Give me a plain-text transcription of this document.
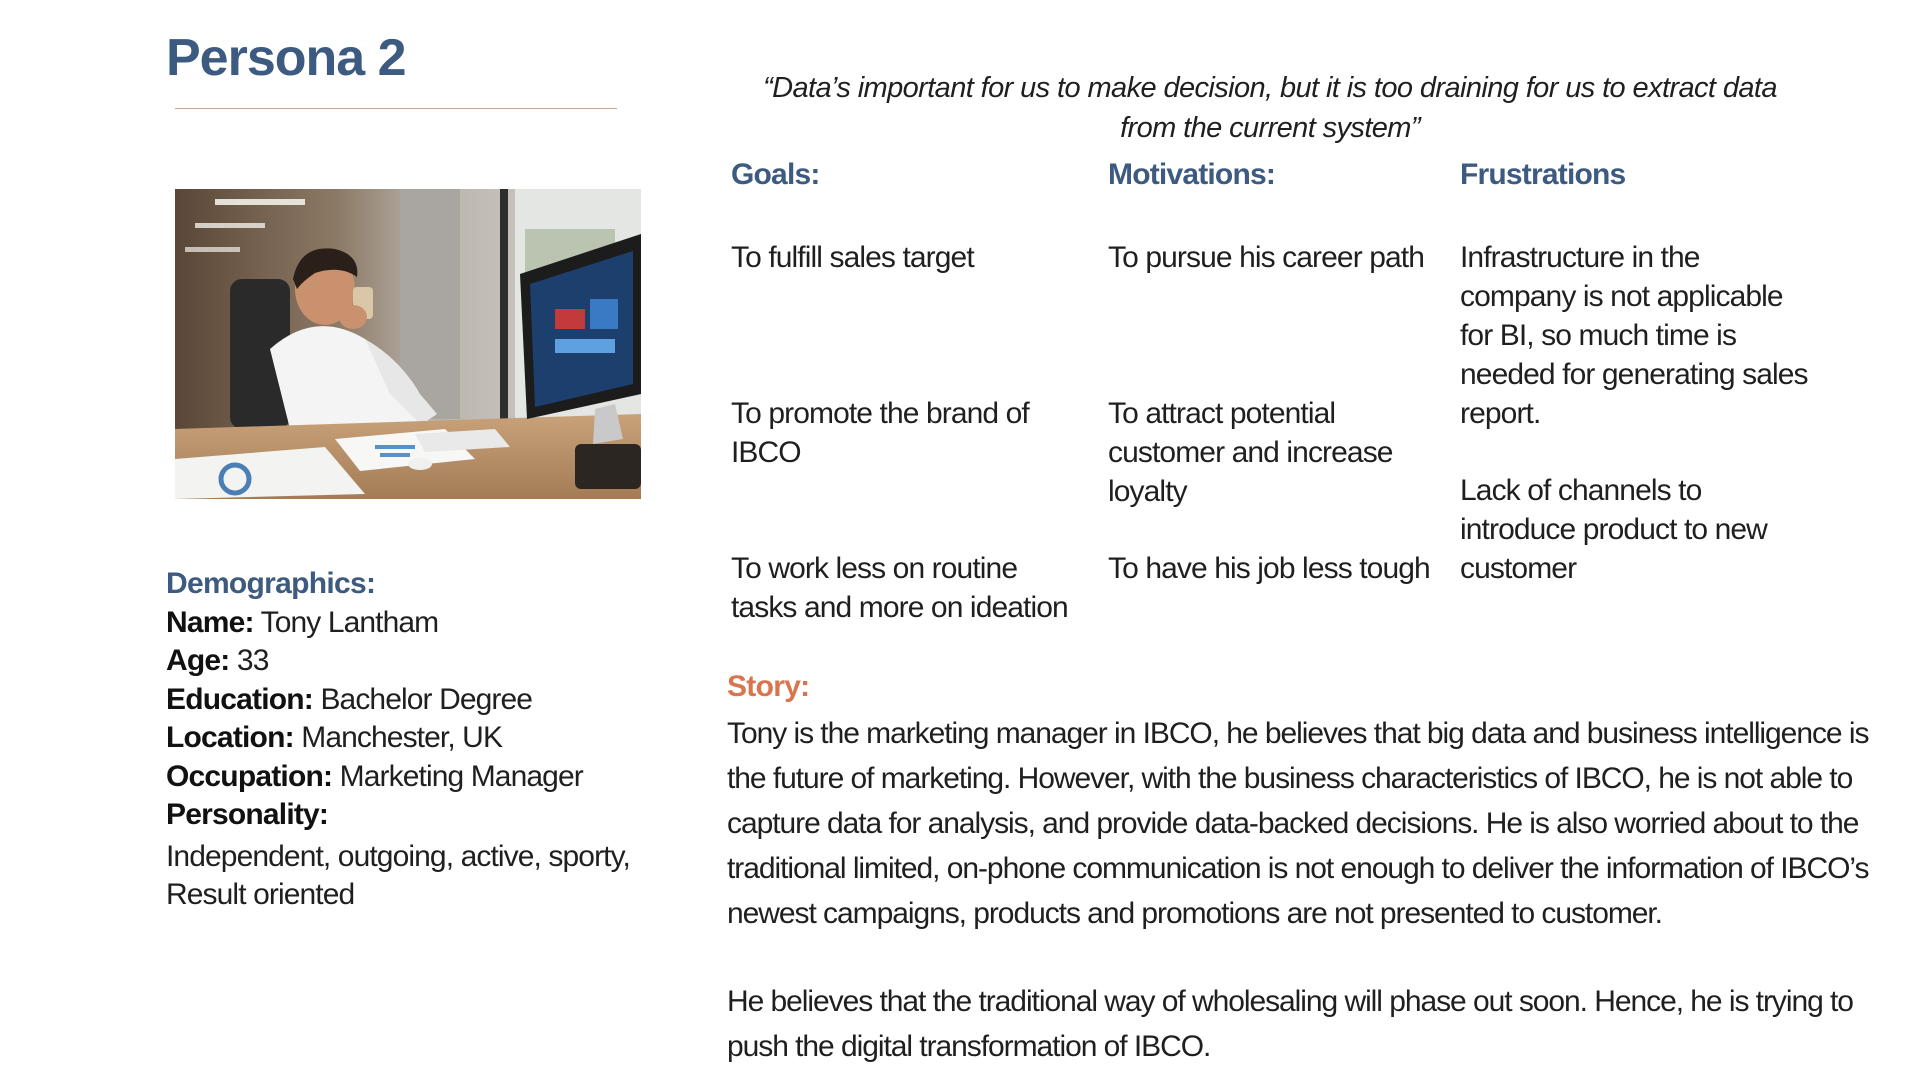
Persona 2
“Data’s important for us to make decision, but it is too draining for us to extract data from the current system”
Goals:	Motivations:	Frustrations
To fulfill sales target
To promote the brand of IBCO
To work less on routine tasks and more on ideation
To pursue his career path
To attract potential customer and increase loyalty
To have his job less tough
Infrastructure in the company is not applicable for BI, so much time is needed for generating sales report.
Lack of channels to introduce product to new customer
Demographics:
Name: Tony Lantham
Age: 33
Education: Bachelor Degree
Location: Manchester, UK
Occupation: Marketing Manager
Personality:
Independent, outgoing, active, sporty, Result oriented
Story:
Tony is the marketing manager in IBCO, he believes that big data and business intelligence is the future of marketing. However, with the business characteristics of IBCO, he is not able to capture data for analysis, and provide data-backed decisions. He is also worried about to the traditional limited, on-phone communication is not enough to deliver the information of IBCO’s newest campaigns, products and promotions are not presented to customer.
He believes that the traditional way of wholesaling will phase out soon. Hence, he is trying to push the digital transformation of IBCO.
